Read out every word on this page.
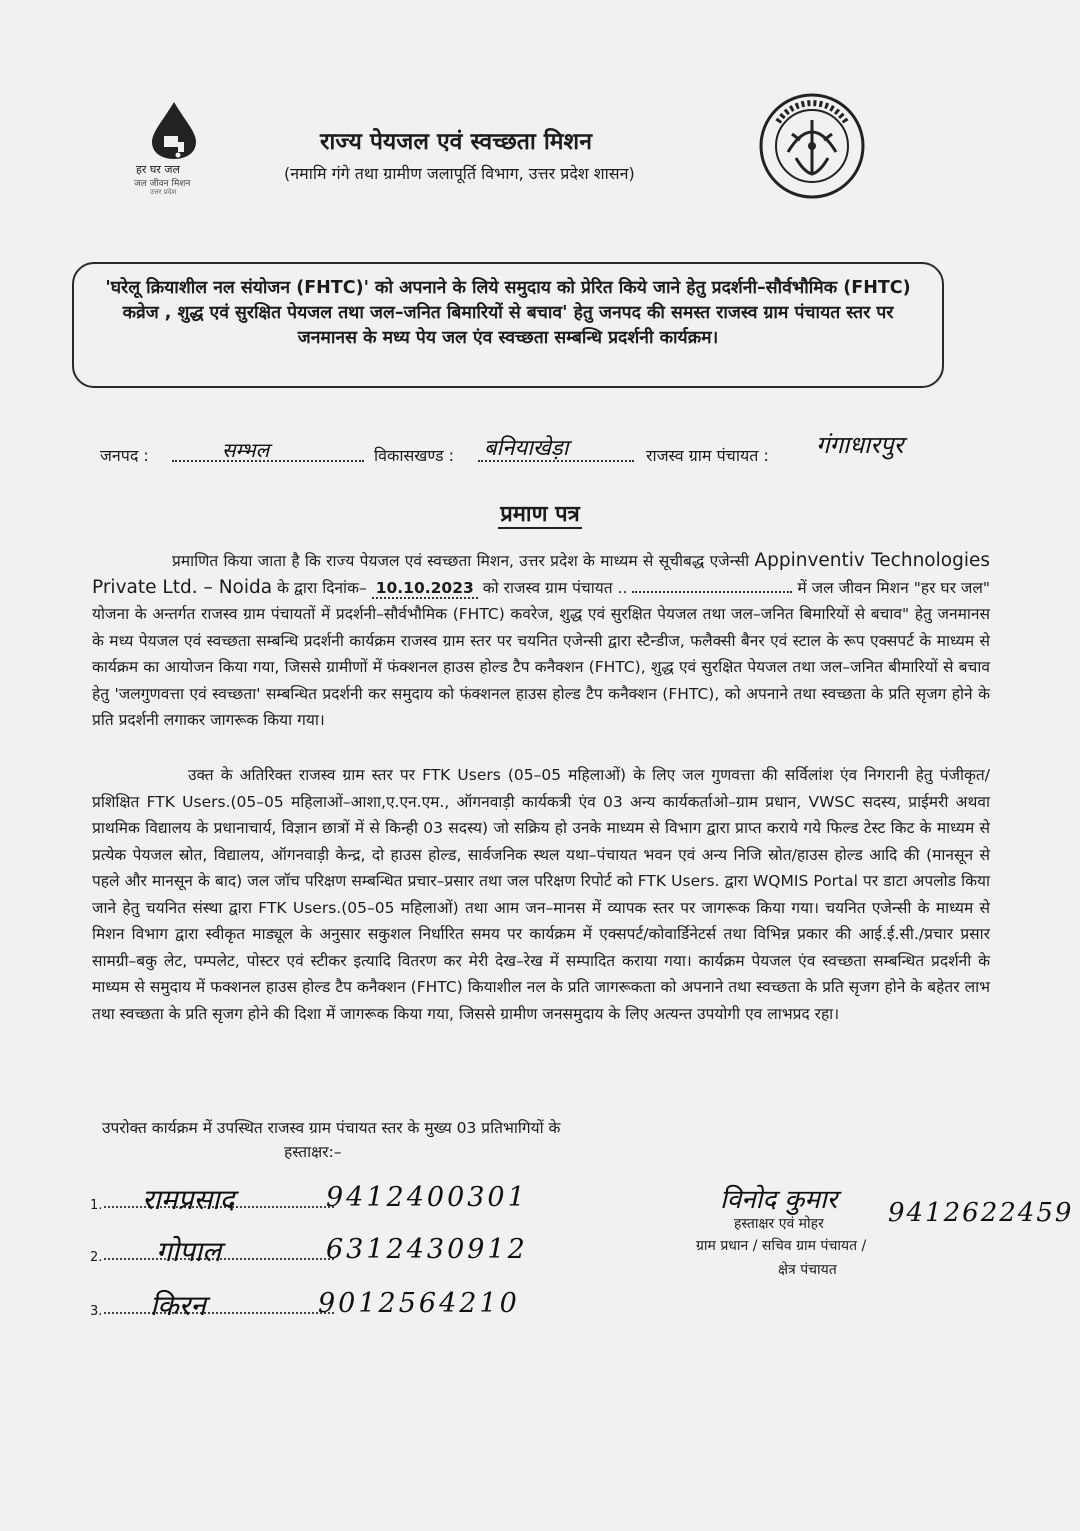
हर घर जल
जल जीवन मिशन
उत्तर प्रदेश
राज्य पेयजल एवं स्वच्छता मिशन
(नमामि गंगे तथा ग्रामीण जलापूर्ति विभाग, उत्तर प्रदेश शासन)
'घरेलू क्रियाशील नल संयोजन (FHTC)' को अपनाने के लिये समुदाय को प्रेरित किये जाने हेतु प्रदर्शनी–सौर्वभौमिक (FHTC) कव्रेज , शुद्ध एवं सुरक्षित पेयजल तथा जल–जनित बिमारियों से बचाव' हेतु जनपद की समस्त राजस्व ग्राम पंचायत स्तर पर जनमानस के मध्य पेय जल एंव स्वच्छता सम्बन्धि प्रदर्शनी कार्यक्रम।
जनपद :	सम्भल	विकासखण्ड : बनियाखेड़ा	राजस्व ग्राम पंचायत : गंगाधारपुर
प्रमाण पत्र
प्रमाणित किया जाता है कि राज्य पेयजल एवं स्वच्छता मिशन, उत्तर प्रदेश के माध्यम से सूचीबद्ध एजेन्सी Appinventiv Technologies Private Ltd. – Noida के द्वारा दिनांक– 10.10.2023 को राजस्व ग्राम पंचायत ..	में जल जीवन मिशन "हर घर जल" योजना के अन्तर्गत राजस्व ग्राम पंचायतों में प्रदर्शनी–सौर्वभौमिक (FHTC) कवरेज, शुद्ध एवं सुरक्षित पेयजल तथा जल–जनित बिमारियों से बचाव" हेतु जनमानस के मध्य पेयजल एवं स्वच्छता सम्बन्धि प्रदर्शनी कार्यक्रम राजस्व ग्राम स्तर पर चयनित एजेन्सी द्वारा स्टैन्डीज, फलैक्सी बैनर एवं स्टाल के रूप एक्सपर्ट के माध्यम से कार्यक्रम का आयोजन किया गया, जिससे ग्रामीणों में फंक्शनल हाउस होल्ड टैप कनैक्शन (FHTC), शुद्ध एवं सुरक्षित पेयजल तथा जल–जनित बीमारियों से बचाव हेतु 'जलगुणवत्ता एवं स्वच्छता' सम्बन्धित प्रदर्शनी कर समुदाय को फंक्शनल हाउस होल्ड टैप कनैक्शन (FHTC), को अपनाने तथा स्वच्छता के प्रति सृजग होने के प्रति प्रदर्शनी लगाकर जागरूक किया गया।
उक्त के अतिरिक्त राजस्व ग्राम स्तर पर FTK Users (05–05 महिलाओं) के लिए जल गुणवत्ता की सर्विलांश एंव निगरानी हेतु पंजीकृत/प्रशिक्षित FTK Users.(05–05 महिलाओं–आशा,ए.एन.एम., ऑगनवाड़ी कार्यकत्री एंव 03 अन्य कार्यकर्ताओ–ग्राम प्रधान, VWSC सदस्य, प्राईमरी अथवा प्राथमिक विद्यालय के प्रधानाचार्य, विज्ञान छात्रों में से किन्ही 03 सदस्य) जो सक्रिय हो उनके माध्यम से विभाग द्वारा प्राप्त कराये गये फिल्ड टेस्ट किट के माध्यम से प्रत्येक पेयजल स्रोत, विद्यालय, ऑगनवाड़ी केन्द्र, दो हाउस होल्ड, सार्वजनिक स्थल यथा–पंचायत भवन एवं अन्य निजि स्रोत/हाउस होल्ड आदि की (मानसून से पहले और मानसून के बाद) जल जॉच परिक्षण सम्बन्धित प्रचार–प्रसार तथा जल परिक्षण रिपोर्ट को FTK Users. द्वारा WQMIS Portal पर डाटा अपलोड किया जाने हेतु चयनित संस्था द्वारा FTK Users.(05–05 महिलाओं) तथा आम जन–मानस में व्यापक स्तर पर जागरूक किया गया। चयनित एजेन्सी के माध्यम से मिशन विभाग द्वारा स्वीकृत माड्यूल के अनुसार सकुशल निर्धारित समय पर कार्यक्रम में एक्सपर्ट/कोवार्डिनेटर्स तथा विभिन्न प्रकार की आई.ई.सी./प्रचार प्रसार सामग्री–बकु लेट, पम्पलेट, पोस्टर एवं स्टीकर इत्यादि वितरण कर मेरी देख–रेख में सम्पादित कराया गया। कार्यक्रम पेयजल एंव स्वच्छता सम्बन्धित प्रदर्शनी के माध्यम से समुदाय में फक्शनल हाउस होल्ड टैप कनैक्शन (FHTC) कियाशील नल के प्रति जागरूकता को अपनाने तथा स्वच्छता के प्रति सृजग होने के बहेतर लाभ तथा स्वच्छता के प्रति सृजग होने की दिशा में जागरूक किया गया, जिससे ग्रामीण जनसमुदाय के लिए अत्यन्त उपयोगी एव लाभप्रद रहा।
उपरोक्त कार्यक्रम में उपस्थित राजस्व ग्राम पंचायत स्तर के मुख्य 03 प्रतिभागियों के
हस्ताक्षर:–
1. रामप्रसाद	9412400301
2. गोपाल	6312430912
3. किरन	9012564210
विनोद कुमार 9412622459
हस्ताक्षर एवं मोहर
ग्राम प्रधान / सचिव ग्राम पंचायत /
क्षेत्र पंचायत
